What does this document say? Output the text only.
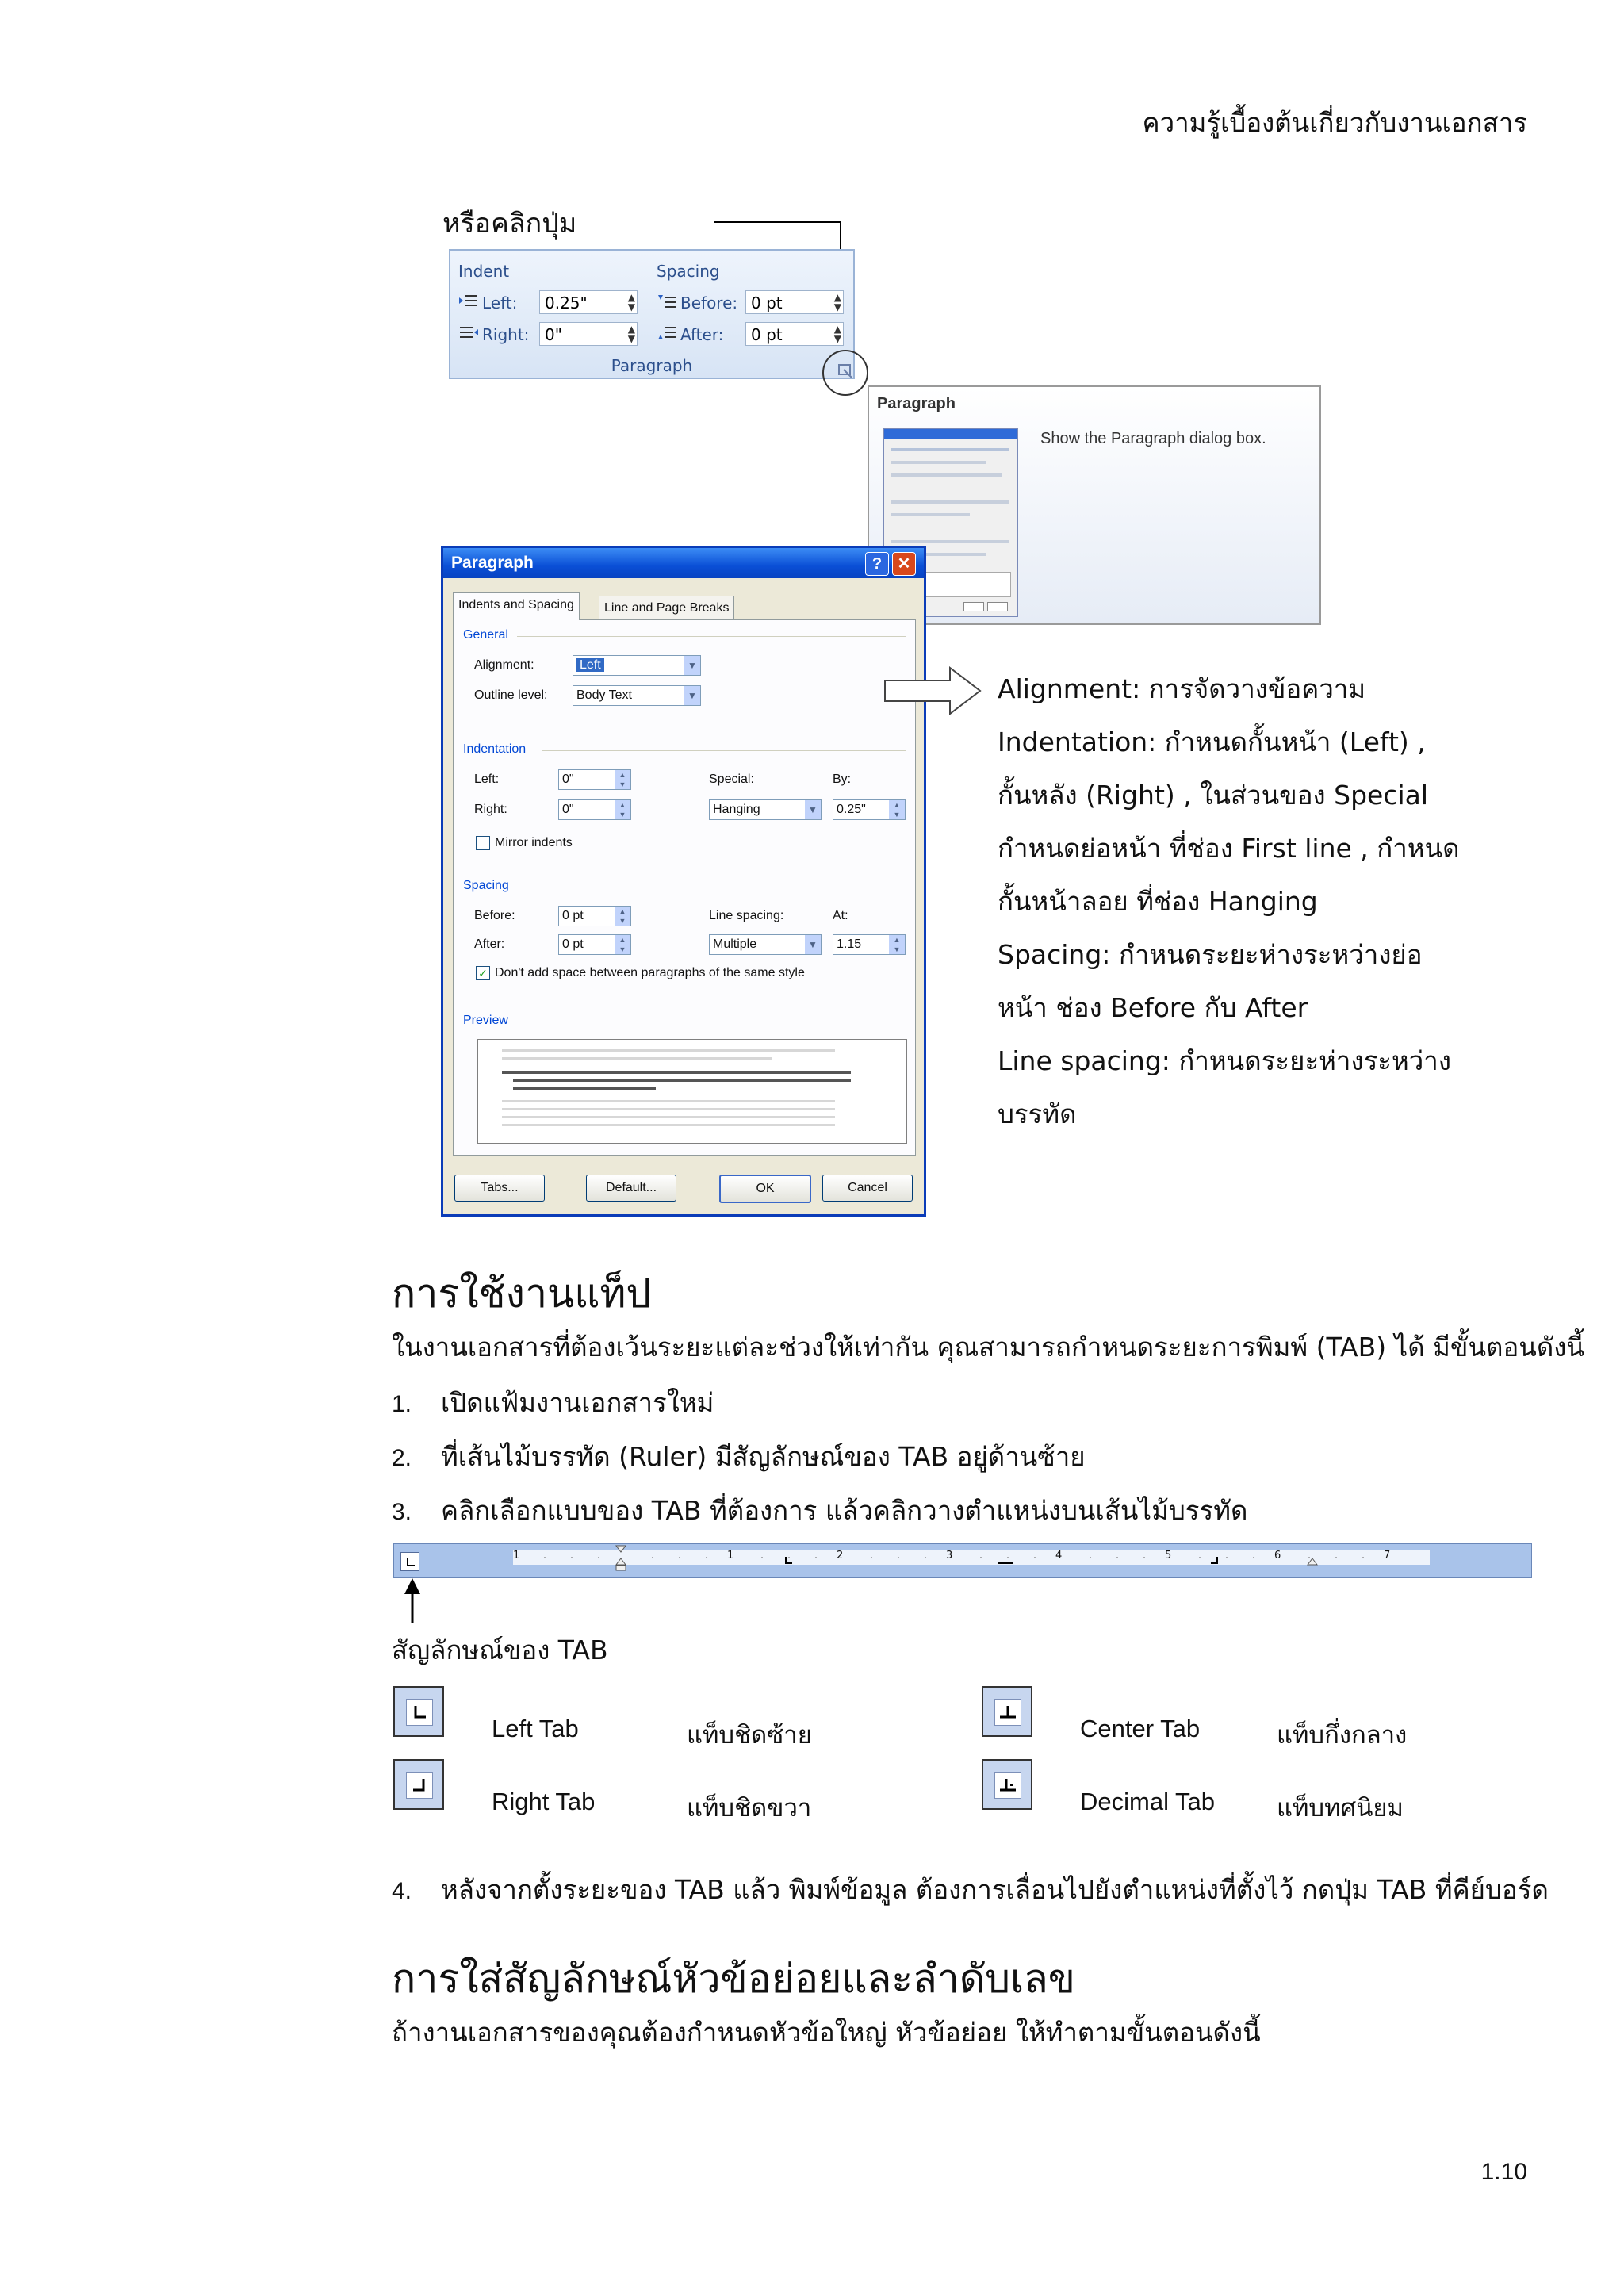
ความรู้เบื้องต้นเกี่ยวกับงานเอกสาร
หรือคลิกปุ่ม
Indent	Spacing
Left:	0.25"	▲
▼
Right: 0"	▲
▼
Before: 0 pt	▲
▼
After:	0 pt	▲
▼
Paragraph
Paragraph
Show the Paragraph dialog box.
Paragraph	? ✕
Indents and Spacing	Line and Page Breaks
General
Alignment:	Left	▼
Outline level:	Body Text	▼
Indentation
Left:	0"	▲
▼
Right:	0"	▲
▼
Special:
Hanging	▼
By:
0.25"	▲
▼
Mirror indents
Spacing
Before:	0 pt	▲
▼
After:	0 pt	▲
▼
Line spacing:
Multiple	▼
At:
1.15	▲
▼
✓ Don't add space between paragraphs of the same style
Preview
Tabs...	Default...	OK	Cancel
Alignment: การจัดวางข้อความ
Indentation: กำหนดกั้นหน้า (Left) ,
กั้นหลัง (Right) , ในส่วนของ Special
กำหนดย่อหน้า ที่ช่อง First line , กำหนด
กั้นหน้าลอย ที่ช่อง Hanging
Spacing: กำหนดระยะห่างระหว่างย่อ
หน้า ช่อง Before กับ After
Line spacing: กำหนดระยะห่างระหว่าง
บรรทัด
การใช้งานแท็ป
ในงานเอกสารที่ต้องเว้นระยะแต่ละช่วงให้เท่ากัน คุณสามารถกำหนดระยะการพิมพ์ (TAB) ได้ มีขั้นตอนดังนี้
1. เปิดแฟ้มงานเอกสารใหม่
2. ที่เส้นไม้บรรทัด (Ruler) มีสัญลักษณ์ของ TAB อยู่ด้านซ้าย
3. คลิกเลือกแบบของ TAB ที่ต้องการ แล้วคลิกวางตำแหน่งบนเส้นไม้บรรทัด
1	1	2	3	4	5	6	7
สัญลักษณ์ของ TAB
Left Tab	แท็บชิดซ้าย	Center Tab	แท็บกึ่งกลาง
Right Tab	แท็บชิดขวา	Decimal Tab	แท็บทศนิยม
4. หลังจากตั้งระยะของ TAB แล้ว พิมพ์ข้อมูล ต้องการเลื่อนไปยังตำแหน่งที่ตั้งไว้ กดปุ่ม TAB ที่คีย์บอร์ด
การใส่สัญลักษณ์หัวข้อย่อยและลำดับเลข
ถ้างานเอกสารของคุณต้องกำหนดหัวข้อใหญ่ หัวข้อย่อย ให้ทำตามขั้นตอนดังนี้
1.10
